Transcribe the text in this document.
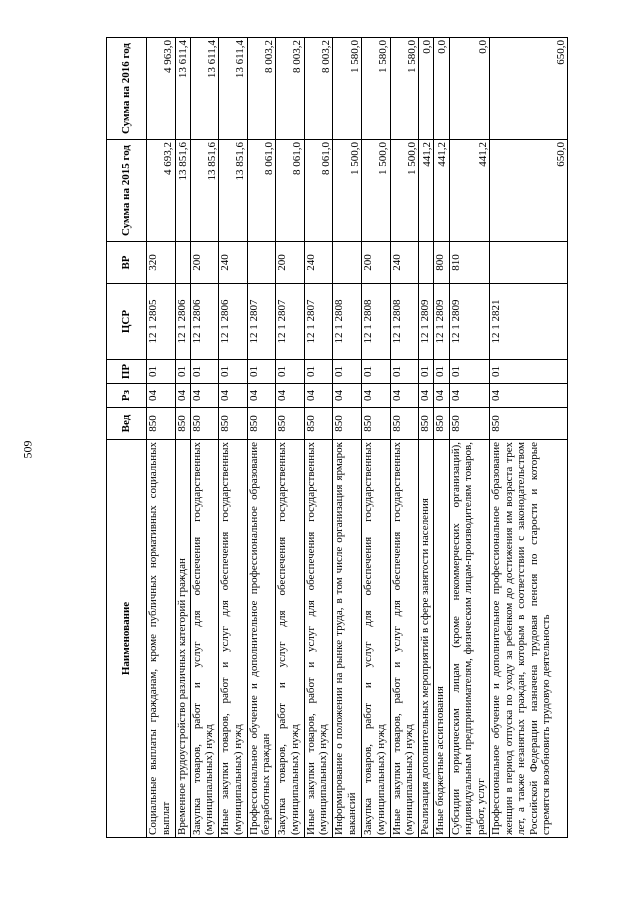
509
Наименование	Вед	Рз	ПР	ЦСР	ВР	Сумма на 2015 год	Сумма на 2016 год
Социальные выплаты гражданам, кроме публичных нормативных социальных выплат	850	04	01	12 1 2805	320	4 693,2	4 963,0
Временное трудоустройство различных категорий граждан	850	04	01	12 1 2806		13 851,6	13 611,4
Закупка товаров, работ и услуг для обеспечения государственных (муниципальных) нужд	850	04	01	12 1 2806	200	13 851,6	13 611,4
Иные закупки товаров, работ и услуг для обеспечения государственных (муниципальных) нужд	850	04	01	12 1 2806	240	13 851,6	13 611,4
Профессиональное обучение и дополнительное профессиональное образование безработных граждан	850	04	01	12 1 2807		8 061,0	8 003,2
Закупка товаров, работ и услуг для обеспечения государственных (муниципальных) нужд	850	04	01	12 1 2807	200	8 061,0	8 003,2
Иные закупки товаров, работ и услуг для обеспечения государственных (муниципальных) нужд	850	04	01	12 1 2807	240	8 061,0	8 003,2
Информирование о положении на рынке труда, в том числе организация ярмарок вакансий	850	04	01	12 1 2808		1 500,0	1 580,0
Закупка товаров, работ и услуг для обеспечения государственных (муниципальных) нужд	850	04	01	12 1 2808	200	1 500,0	1 580,0
Иные закупки товаров, работ и услуг для обеспечения государственных (муниципальных) нужд	850	04	01	12 1 2808	240	1 500,0	1 580,0
Реализация дополнительных мероприятий в сфере занятости населения	850	04	01	12 1 2809		441,2	0,0
Иные бюджетные ассигнования	850	04	01	12 1 2809	800	441,2	0,0
Субсидии юридическим лицам (кроме некоммерческих организаций), индивидуальным предпринимателям, физическим лицам-производителям товаров, работ, услуг	850	04	01	12 1 2809	810	441,2	0,0
Профессиональное обучение и дополнительное профессиональное образование женщин в период отпуска по уходу за ребенком до достижения им возраста трех лет, а также незанятых граждан, которым в соответствии с законодательством Российской Федерации назначена трудовая пенсия по старости и которые стремятся возобновить трудовую деятельность	850	04	01	12 1 2821		650,0	650,0
